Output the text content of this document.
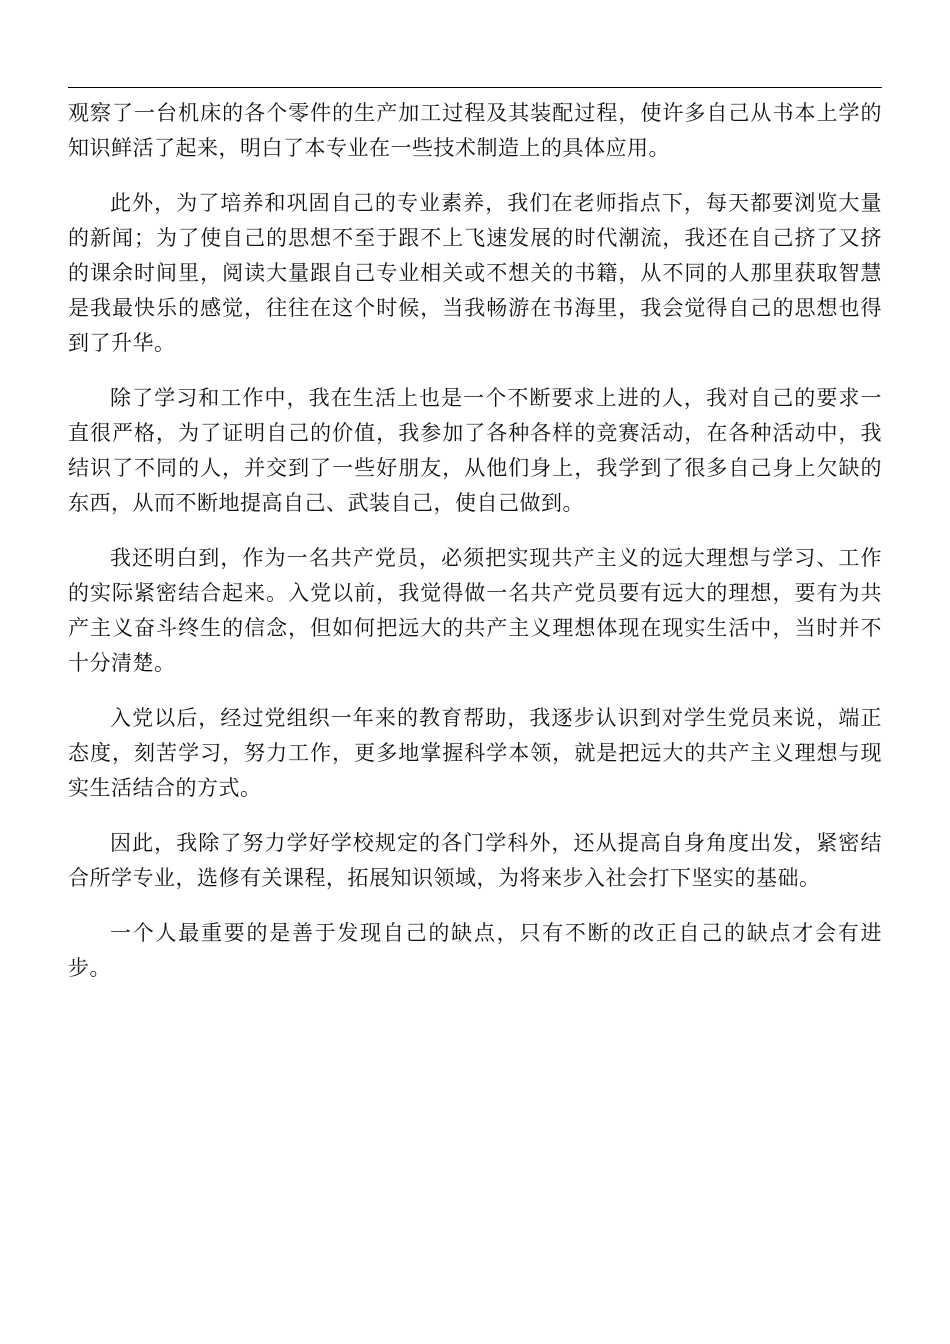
观察了一台机床的各个零件的生产加工过程及其装配过程，使许多自己从书本上学的知识鲜活了起来，明白了本专业在一些技术制造上的具体应用。

此外，为了培养和巩固自己的专业素养，我们在老师指点下，每天都要浏览大量的新闻；为了使自己的思想不至于跟不上飞速发展的时代潮流，我还在自己挤了又挤的课余时间里，阅读大量跟自己专业相关或不想关的书籍，从不同的人那里获取智慧是我最快乐的感觉，往往在这个时候，当我畅游在书海里，我会觉得自己的思想也得到了升华。

除了学习和工作中，我在生活上也是一个不断要求上进的人，我对自己的要求一直很严格，为了证明自己的价值，我参加了各种各样的竞赛活动，在各种活动中，我结识了不同的人，并交到了一些好朋友，从他们身上，我学到了很多自己身上欠缺的东西，从而不断地提高自己、武装自己，使自己做到。

我还明白到，作为一名共产党员，必须把实现共产主义的远大理想与学习、工作的实际紧密结合起来。入党以前，我觉得做一名共产党员要有远大的理想，要有为共产主义奋斗终生的信念，但如何把远大的共产主义理想体现在现实生活中，当时并不十分清楚。

入党以后，经过党组织一年来的教育帮助，我逐步认识到对学生党员来说，端正态度，刻苦学习，努力工作，更多地掌握科学本领，就是把远大的共产主义理想与现实生活结合的方式。

因此，我除了努力学好学校规定的各门学科外，还从提高自身角度出发，紧密结合所学专业，选修有关课程，拓展知识领域，为将来步入社会打下坚实的基础。

一个人最重要的是善于发现自己的缺点，只有不断的改正自己的缺点才会有进步。
